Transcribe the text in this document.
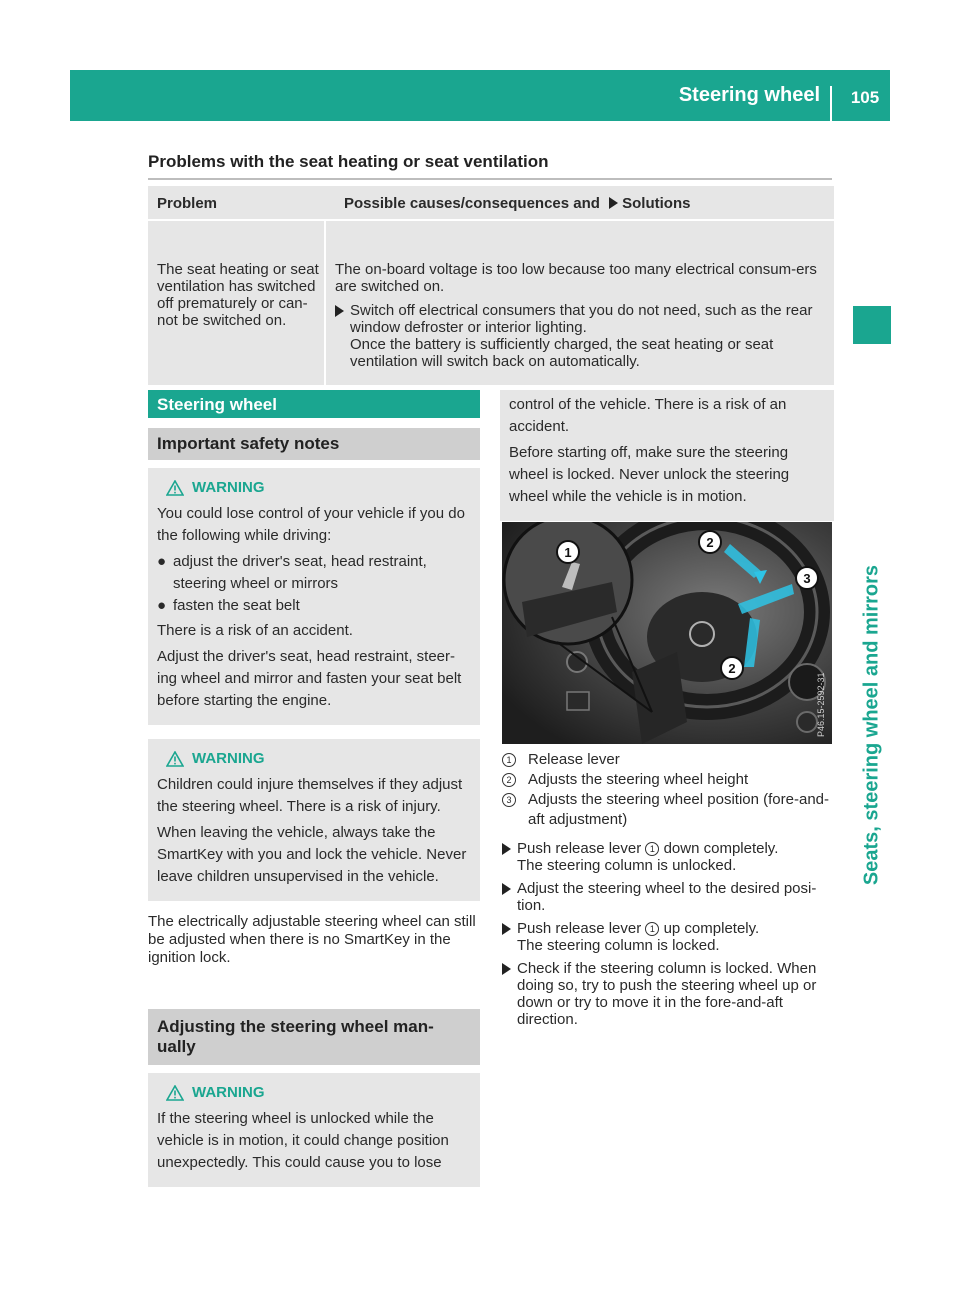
Steering wheel	105
Seats, steering wheel and mirrors
Problems with the seat heating or seat ventilation
Problem	Possible causes/consequences and Solutions
The seat heating or seat ventilation has switched off prematurely or can-not be switched on.
The on-board voltage is too low because too many electrical consum-ers are switched on.
Switch off electrical consumers that you do not need, such as the rear window defroster or interior lighting.
Once the battery is sufficiently charged, the seat heating or seat ventilation will switch back on automatically.
Steering wheel
Important safety notes
WARNING
You could lose control of your vehicle if you do the following while driving:
● adjust the driver's seat, head restraint, steering wheel or mirrors
● fasten the seat belt
There is a risk of an accident.
Adjust the driver's seat, head restraint, steer-ing wheel and mirror and fasten your seat belt before starting the engine.
WARNING
Children could injure themselves if they adjust the steering wheel. There is a risk of injury.
When leaving the vehicle, always take the SmartKey with you and lock the vehicle. Never leave children unsupervised in the vehicle.
The electrically adjustable steering wheel can still be adjusted when there is no SmartKey in the ignition lock.
Adjusting the steering wheel man-ually
WARNING
If the steering wheel is unlocked while the vehicle is in motion, it could change position unexpectedly. This could cause you to lose
control of the vehicle. There is a risk of an accident.
Before starting off, make sure the steering wheel is locked. Never unlock the steering wheel while the vehicle is in motion.
1
2
3
2
P46.15-2592-31
1	Release lever
2	Adjusts the steering wheel height
3	Adjusts the steering wheel position (fore-and-aft adjustment)
Push release lever 1 down completely.
The steering column is unlocked.
Adjust the steering wheel to the desired posi-tion.
Push release lever 1 up completely.
The steering column is locked.
Check if the steering column is locked. When doing so, try to push the steering wheel up or down or try to move it in the fore-and-aft direction.
